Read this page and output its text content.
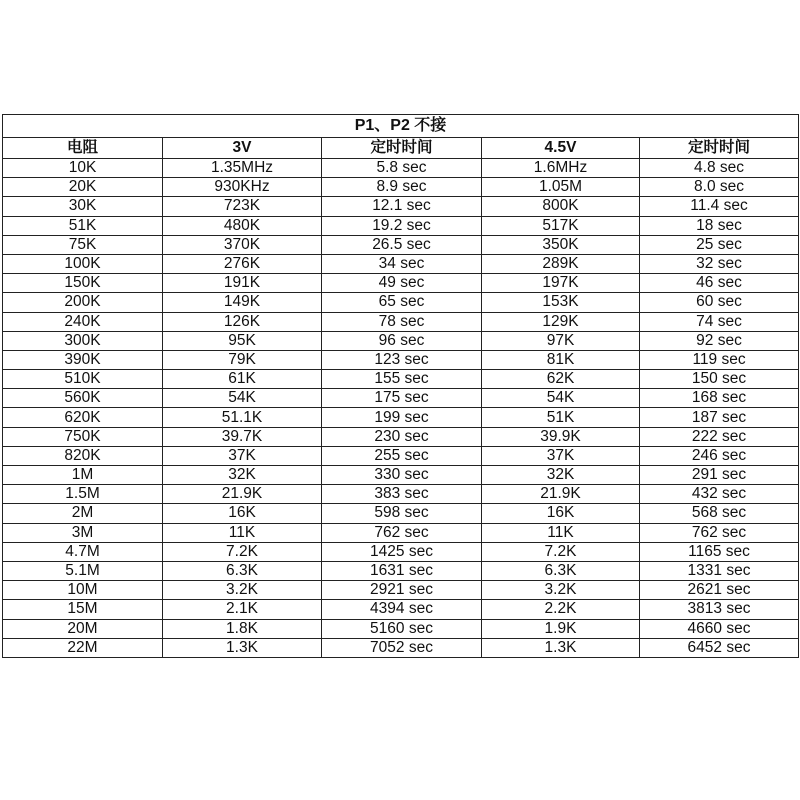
P1、P2 不接				
电阻	3V	定时时间	4.5V	定时时间
10K	1.35MHz	5.8 sec	1.6MHz	4.8 sec
20K	930KHz	8.9 sec	1.05M	8.0 sec
30K	723K	12.1 sec	800K	11.4 sec
51K	480K	19.2 sec	517K	18 sec
75K	370K	26.5 sec	350K	25 sec
100K	276K	34 sec	289K	32 sec
150K	191K	49 sec	197K	46 sec
200K	149K	65 sec	153K	60 sec
240K	126K	78 sec	129K	74 sec
300K	95K	96 sec	97K	92 sec
390K	79K	123 sec	81K	119 sec
510K	61K	155 sec	62K	150 sec
560K	54K	175 sec	54K	168 sec
620K	51.1K	199 sec	51K	187 sec
750K	39.7K	230 sec	39.9K	222 sec
820K	37K	255 sec	37K	246 sec
1M	32K	330 sec	32K	291 sec
1.5M	21.9K	383 sec	21.9K	432 sec
2M	16K	598 sec	16K	568 sec
3M	11K	762 sec	11K	762 sec
4.7M	7.2K	1425 sec	7.2K	1165 sec
5.1M	6.3K	1631 sec	6.3K	1331 sec
10M	3.2K	2921 sec	3.2K	2621 sec
15M	2.1K	4394 sec	2.2K	3813 sec
20M	1.8K	5160 sec	1.9K	4660 sec
22M	1.3K	7052 sec	1.3K	6452 sec
